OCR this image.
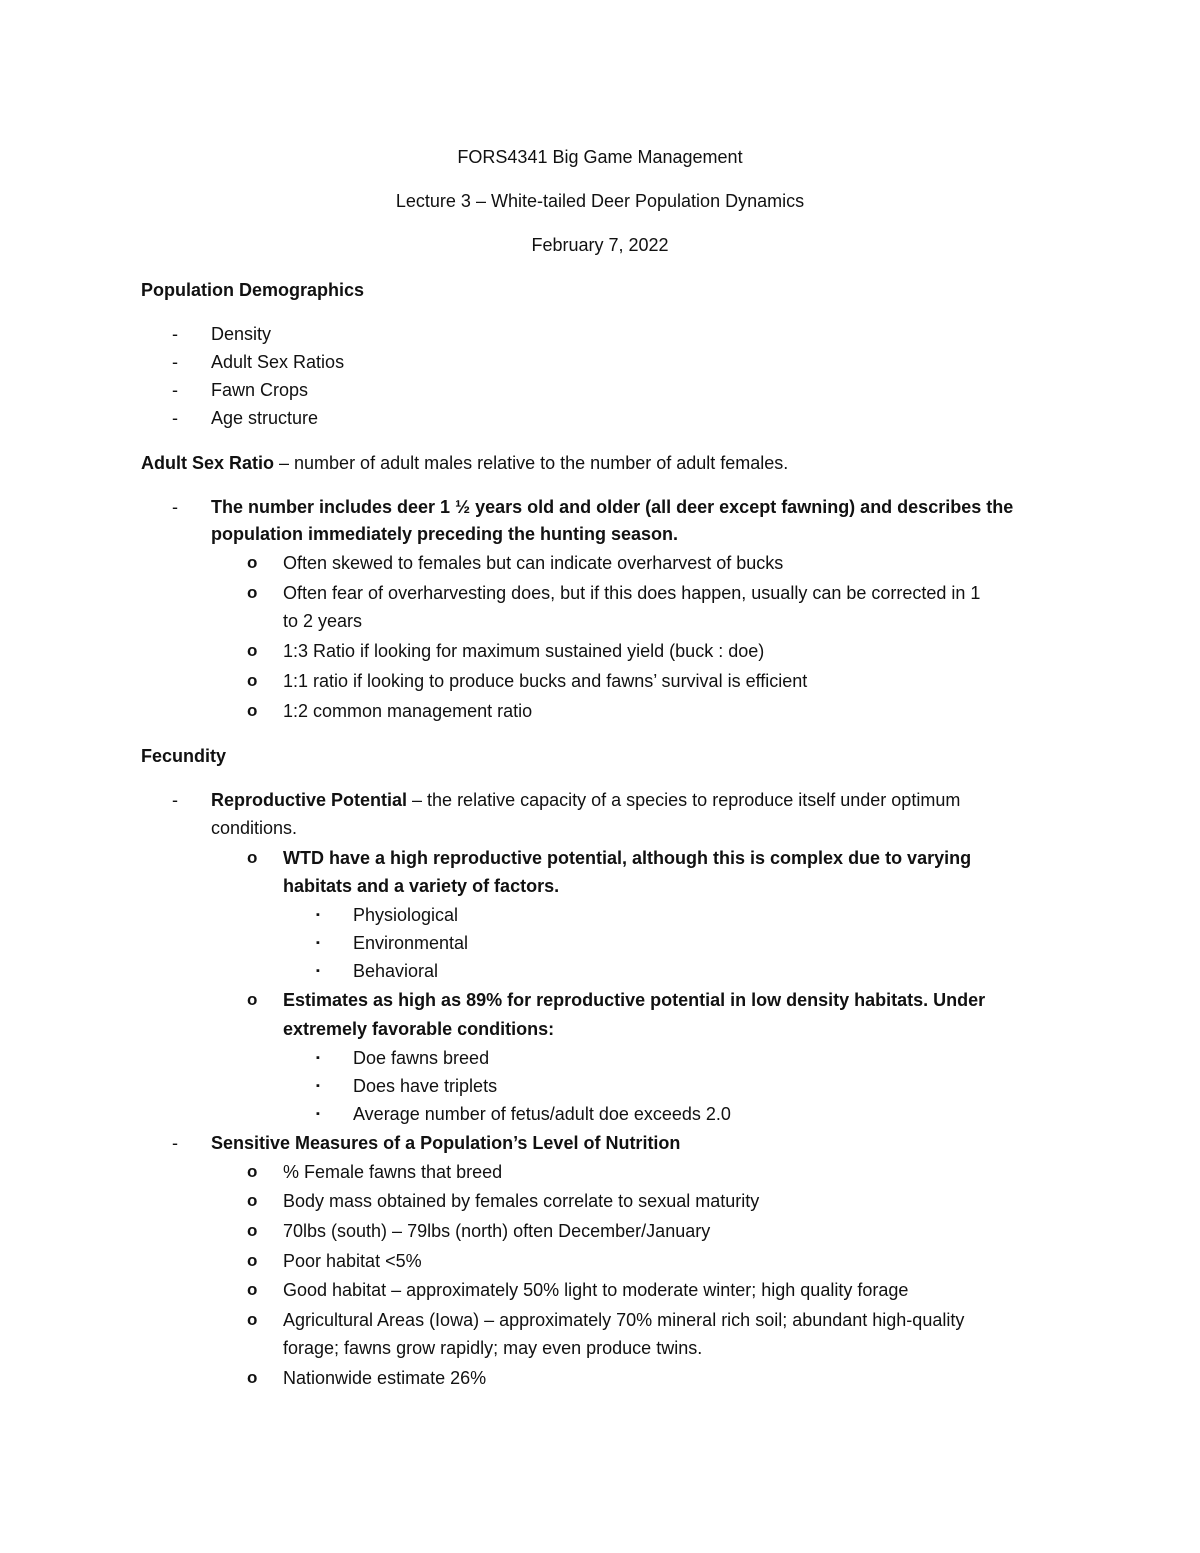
FORS4341 Big Game Management
Lecture 3 – White-tailed Deer Population Dynamics
February 7, 2022
Population Demographics
- Density
- Adult Sex Ratios
- Fawn Crops
- Age structure
Adult Sex Ratio – number of adult males relative to the number of adult females.
- The number includes deer 1 ½ years old and older (all deer except fawning) and describes the
population immediately preceding the hunting season.
o Often skewed to females but can indicate overharvest of bucks
o Often fear of overharvesting does, but if this does happen, usually can be corrected in 1
to 2 years
o 1:3 Ratio if looking for maximum sustained yield (buck : doe)
o 1:1 ratio if looking to produce bucks and fawns’ survival is efficient
o 1:2 common management ratio
Fecundity
- Reproductive Potential – the relative capacity of a species to reproduce itself under optimum
conditions.
o WTD have a high reproductive potential, although this is complex due to varying
habitats and a variety of factors.
▪ Physiological
▪ Environmental
▪ Behavioral
o Estimates as high as 89% for reproductive potential in low density habitats. Under
extremely favorable conditions:
▪ Doe fawns breed
▪ Does have triplets
▪ Average number of fetus/adult doe exceeds 2.0
- Sensitive Measures of a Population’s Level of Nutrition
o % Female fawns that breed
o Body mass obtained by females correlate to sexual maturity
o 70lbs (south) – 79lbs (north) often December/January
o Poor habitat <5%
o Good habitat – approximately 50% light to moderate winter; high quality forage
o Agricultural Areas (Iowa) – approximately 70% mineral rich soil; abundant high-quality
forage; fawns grow rapidly; may even produce twins.
o Nationwide estimate 26%
